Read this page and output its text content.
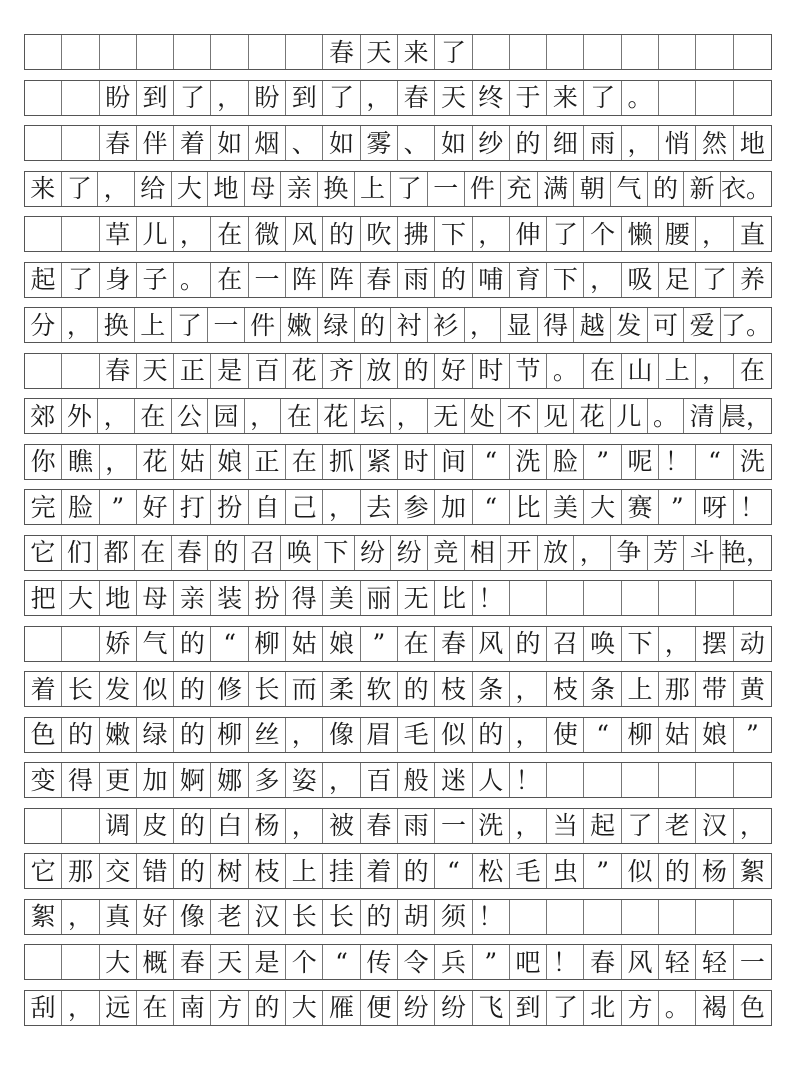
春 天 来 了
盼 到 了 ， 盼 到 了 ， 春 天 终 于 来 了 。
春 伴 着 如 烟 、 如 雾 、 如 纱 的 细 雨 ， 悄 然 地
来 了 ， 给 大 地 母 亲 换 上 了 一 件 充 满 朝 气 的 新 衣。
草 儿 ， 在 微 风 的 吹 拂 下 ， 伸 了 个 懒 腰 ， 直
起 了 身 子 。 在 一 阵 阵 春 雨 的 哺 育 下 ， 吸 足 了 养
分 ， 换 上 了 一 件 嫩 绿 的 衬 衫 ， 显 得 越 发 可 爱 了。
春 天 正 是 百 花 齐 放 的 好 时 节 。 在 山 上 ， 在
郊 外 ， 在 公 园 ， 在 花 坛 ， 无 处 不 见 花 儿 。 清 晨，
你 瞧 ， 花 姑 娘 正 在 抓 紧 时 间 “ 洗 脸 ” 呢 ！ “ 洗
完 脸 ” 好 打 扮 自 己 ， 去 参 加 “ 比 美 大 赛 ” 呀 ！
它 们 都 在 春 的 召 唤 下 纷 纷 竞 相 开 放 ， 争 芳 斗 艳，
把 大 地 母 亲 装 扮 得 美 丽 无 比 ！
娇 气 的 “ 柳 姑 娘 ” 在 春 风 的 召 唤 下 ， 摆 动
着 长 发 似 的 修 长 而 柔 软 的 枝 条 ， 枝 条 上 那 带 黄
色 的 嫩 绿 的 柳 丝 ， 像 眉 毛 似 的 ， 使 “ 柳 姑 娘 ”
变 得 更 加 婀 娜 多 姿 ， 百 般 迷 人 ！
调 皮 的 白 杨 ， 被 春 雨 一 洗 ， 当 起 了 老 汉 ，
它 那 交 错 的 树 枝 上 挂 着 的 “ 松 毛 虫 ” 似 的 杨 絮
絮 ， 真 好 像 老 汉 长 长 的 胡 须 ！
大 概 春 天 是 个 “ 传 令 兵 ” 吧 ！ 春 风 轻 轻 一
刮 ， 远 在 南 方 的 大 雁 便 纷 纷 飞 到 了 北 方 。 褐 色
